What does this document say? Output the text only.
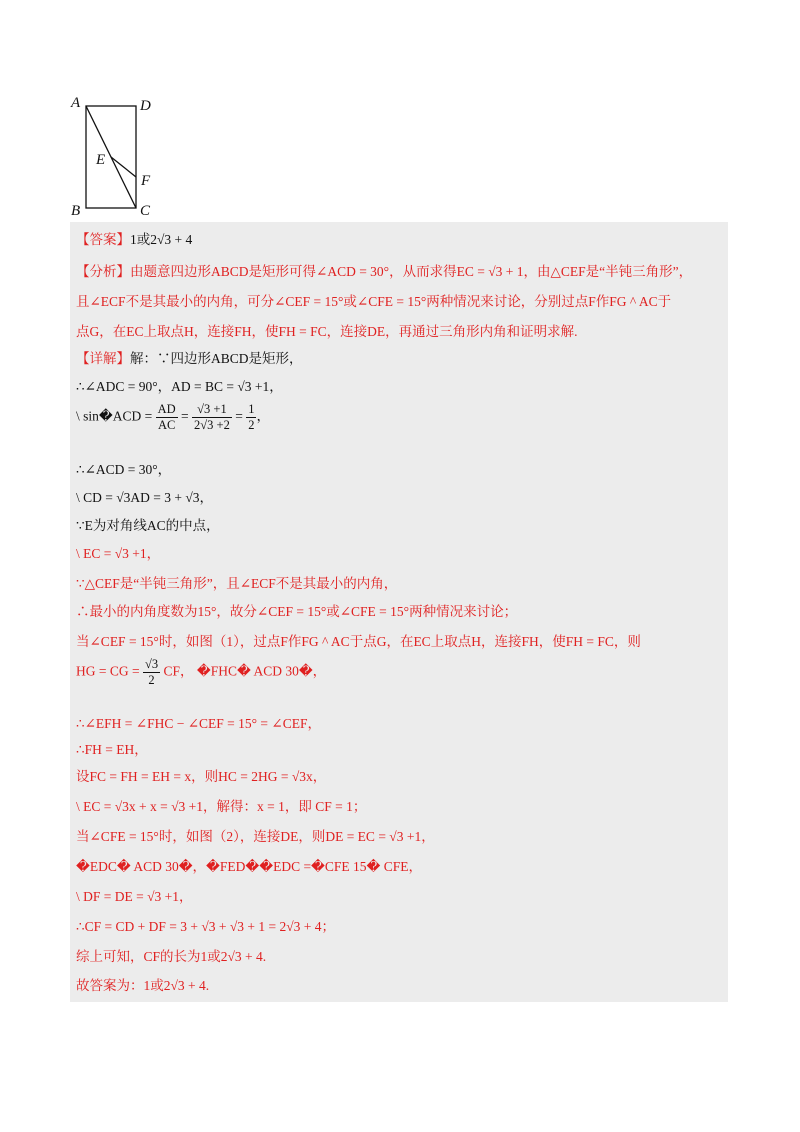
A	D
E
F
B	C
【答案】1或2√3 + 4
【分析】由题意四边形ABCD是矩形可得∠ACD = 30°，从而求得EC = √3 + 1，由△CEF是“半钝三角形”，
且∠ECF不是其最小的内角，可分∠CEF = 15°或∠CFE = 15°两种情况来讨论，分别过点F作FG ^ AC于
点G，在EC上取点H，连接FH，使FH = FC，连接DE，再通过三角形内角和证明求解.
【详解】解：∵四边形ABCD是矩形，
∴∠ADC = 90°，AD = BC = √3 +1，
\ sin�ACD = $\frac{AD}{AC} = \frac{√3 +1}{2√3 +2} = \frac{1}{2}$ ，
∴∠ACD = 30°，
\ CD = √3AD = 3 + √3，
∵E为对角线AC的中点，
\ EC = √3 +1，
∵△CEF是“半钝三角形”，且∠ECF不是其最小的内角，
∴最小的内角度数为15°，故分∠CEF = 15°或∠CFE = 15°两种情况来讨论；
当∠CEF = 15°时，如图（1），过点F作FG ^ AC于点G，在EC上取点H，连接FH，使FH = FC，则
HG = CG = $\frac{√3}{2}$ CF， �FHC� ACD 30�，
∴∠EFH = ∠FHC − ∠CEF = 15° = ∠CEF，
∴FH = EH，
设FC = FH = EH = x，则HC = 2HG = √3x，
\ EC = √3x + x = √3 +1，解得：x = 1，即 CF = 1；
当∠CFE = 15°时，如图（2），连接DE，则DE = EC = √3 +1，
�EDC� ACD 30�，�FED��EDC =�CFE 15� CFE，
\ DF = DE = √3 +1，
∴CF = CD + DF = 3 + √3 + √3 + 1 = 2√3 + 4；
综上可知，CF的长为1或2√3 + 4.
故答案为：1或2√3 + 4.
